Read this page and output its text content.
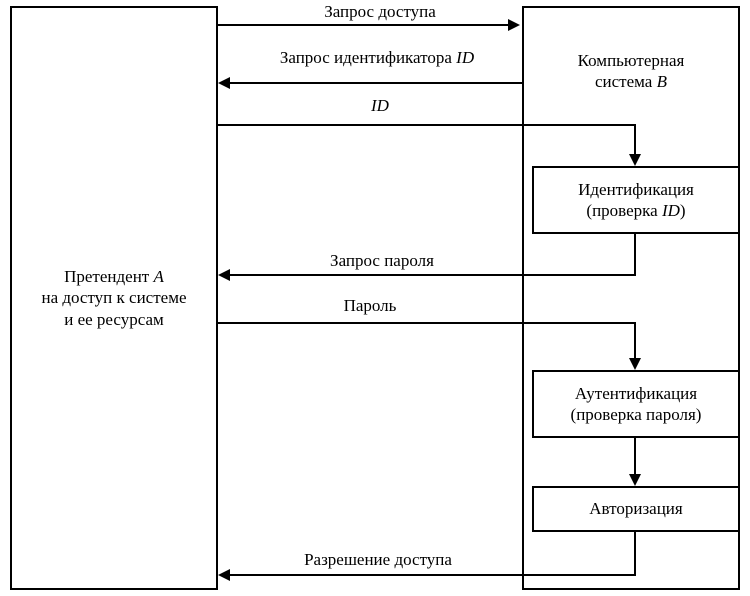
Претендент A
на доступ к системе
и ее ресурсам
Компьютерная
система B
Идентификация
(проверка ID)
Аутентификация
(проверка пароля)
Авторизация
Запрос доступа
Запрос идентификатора ID
ID
Запрос пароля
Пароль
Разрешение доступа
